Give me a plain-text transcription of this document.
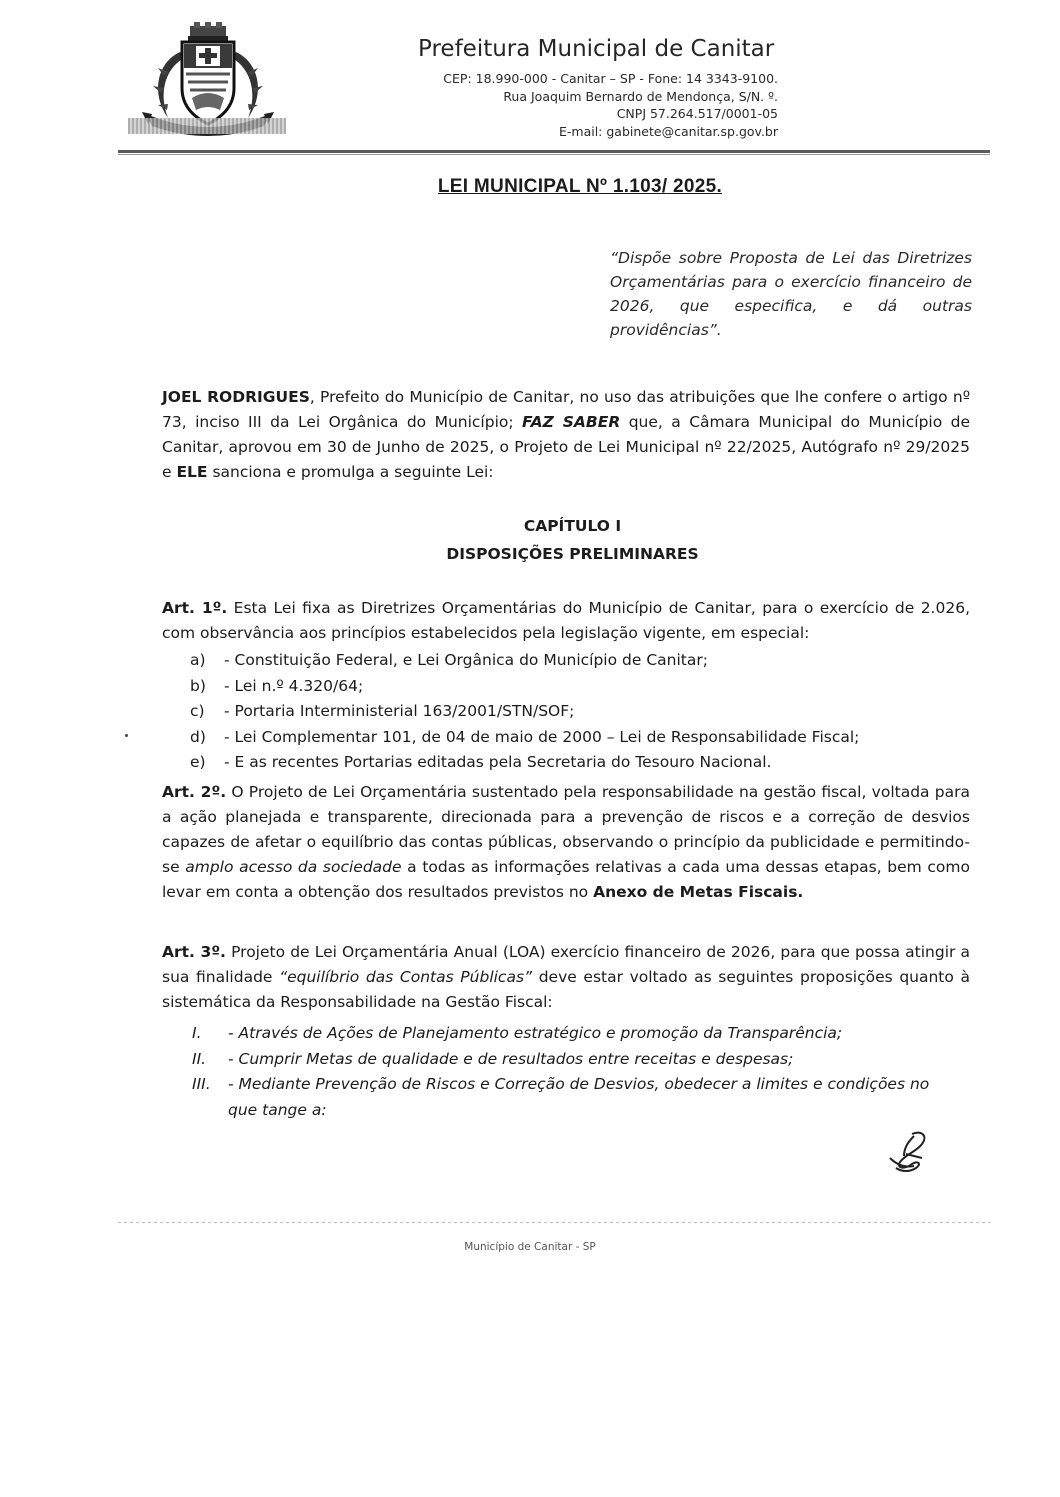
Prefeitura Municipal de Canitar
CEP: 18.990-000 - Canitar – SP - Fone: 14 3343-9100.
Rua Joaquim Bernardo de Mendonça, S/N. º.
CNPJ 57.264.517/0001-05
E-mail: gabinete@canitar.sp.gov.br
LEI MUNICIPAL Nº 1.103/ 2025.
“Dispõe sobre Proposta de Lei das Diretrizes Orçamentárias para o exercício financeiro de 2026, que especifica, e dá outras providências”.
JOEL RODRIGUES, Prefeito do Município de Canitar, no uso das atribuições que lhe confere o artigo nº 73, inciso III da Lei Orgânica do Município; FAZ SABER que, a Câmara Municipal do Município de Canitar, aprovou em 30 de Junho de 2025, o Projeto de Lei Municipal nº 22/2025, Autógrafo nº 29/2025 e ELE sanciona e promulga a seguinte Lei:
CAPÍTULO I
DISPOSIÇÕES PRELIMINARES
Art. 1º. Esta Lei fixa as Diretrizes Orçamentárias do Município de Canitar, para o exercício de 2.026, com observância aos princípios estabelecidos pela legislação vigente, em especial:
a)	- Constituição Federal, e Lei Orgânica do Município de Canitar;
b)	- Lei n.º 4.320/64;
c)	- Portaria Interministerial 163/2001/STN/SOF;
d)	- Lei Complementar 101, de 04 de maio de 2000 – Lei de Responsabilidade Fiscal;
e)	- E as recentes Portarias editadas pela Secretaria do Tesouro Nacional.
Art. 2º. O Projeto de Lei Orçamentária sustentado pela responsabilidade na gestão fiscal, voltada para a ação planejada e transparente, direcionada para a prevenção de riscos e a correção de desvios capazes de afetar o equilíbrio das contas públicas, observando o princípio da publicidade e permitindo-se amplo acesso da sociedade a todas as informações relativas a cada uma dessas etapas, bem como levar em conta a obtenção dos resultados previstos no Anexo de Metas Fiscais.
Art. 3º. Projeto de Lei Orçamentária Anual (LOA) exercício financeiro de 2026, para que possa atingir a sua finalidade “equilíbrio das Contas Públicas” deve estar voltado as seguintes proposições quanto à sistemática da Responsabilidade na Gestão Fiscal:
I.	- Através de Ações de Planejamento estratégico e promoção da Transparência;
II.	- Cumprir Metas de qualidade e de resultados entre receitas e despesas;
III.	- Mediante Prevenção de Riscos e Correção de Desvios, obedecer a limites e condições no
que tange a:
Município de Canitar - SP
